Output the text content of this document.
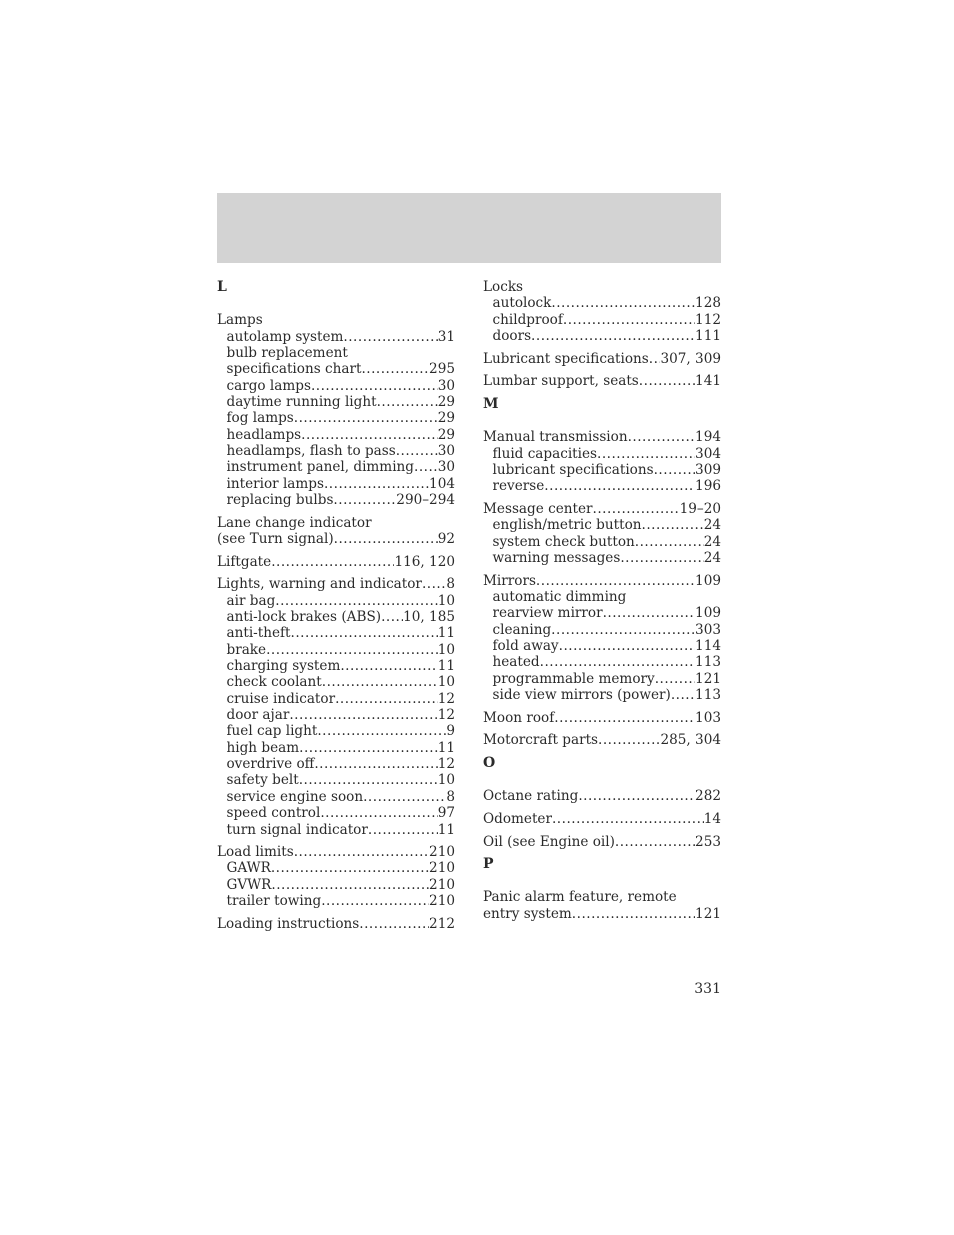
L
Lamps
autolamp system .....	31
bulb replacement
specifications chart .....	295
cargo lamps .....	30
daytime running light .....	29
fog lamps .....	29
headlamps .....	29
headlamps, flash to pass .....	30
instrument panel, dimming ..... 30
interior lamps .....	104
replacing bulbs .....	290–294
Lane change indicator
(see Turn signal) .....	92
Liftgate .....	116, 120
Lights, warning and indicator ..... 8
air bag .....	10
anti-lock brakes (ABS) ..... 10, 185
anti-theft .....	11
brake .....	10
charging system .....	11
check coolant .....	10
cruise indicator .....	12
door ajar .....	12
fuel cap light .....	9
high beam .....	11
overdrive off .....	12
safety belt .....	10
service engine soon .....	8
speed control .....	97
turn signal indicator .....	11
Load limits .....	210
GAWR .....	210
GVWR .....	210
trailer towing .....	210
Loading instructions .....	212
Locks
autolock .....	128
childproof .....	112
doors .....	111
Lubricant specifications ..... 307, 309
Lumbar support, seats .....	141
M
Manual transmission .....	194
fluid capacities .....	304
lubricant specifications .....	309
reverse .....	196
Message center .....	19–20
english/metric button .....	24
system check button .....	24
warning messages .....	24
Mirrors .....	109
automatic dimming
rearview mirror .....	109
cleaning .....	303
fold away .....	114
heated .....	113
programmable memory .....	121
side view mirrors (power) ..... 113
Moon roof .....	103
Motorcraft parts .....	285, 304
O
Octane rating .....	282
Odometer .....	14
Oil (see Engine oil) .....	253
P
Panic alarm feature, remote
entry system .....	121
331
